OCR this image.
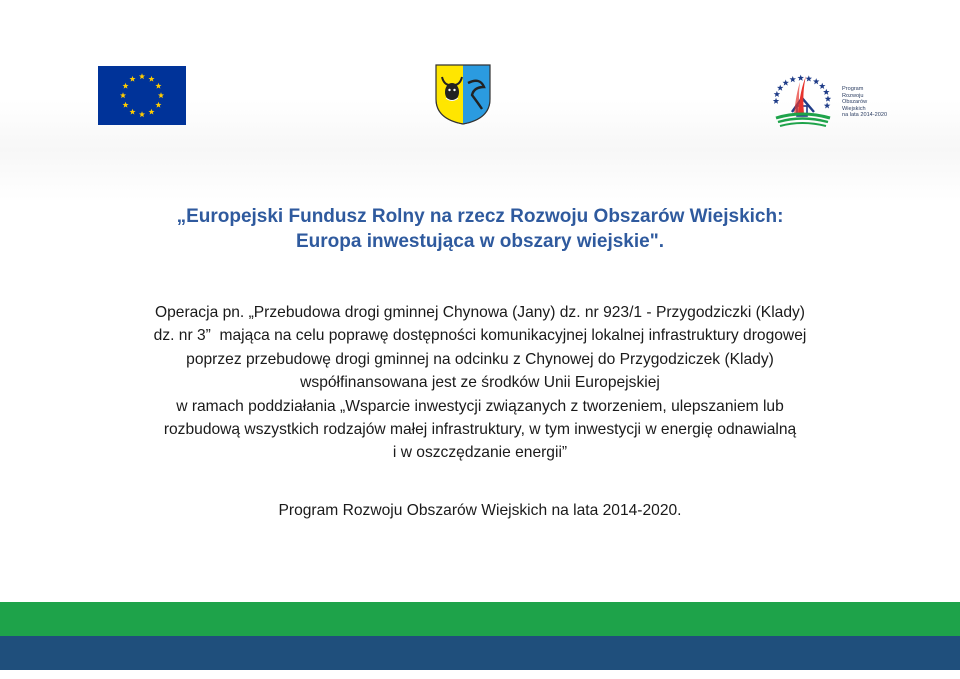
Program
Rozwoju
Obszarów
Wiejskich
na lata 2014-2020
„Europejski Fundusz Rolny na rzecz Rozwoju Obszarów Wiejskich:
Europa inwestująca w obszary wiejskie".
Operacja pn. „Przebudowa drogi gminnej Chynowa (Jany) dz. nr 923/1 - Przygodziczki (Klady)
dz. nr 3”  mająca na celu poprawę dostępności komunikacyjnej lokalnej infrastruktury drogowej
poprzez przebudowę drogi gminnej na odcinku z Chynowej do Przygodziczek (Klady)
współfinansowana jest ze środków Unii Europejskiej
w ramach poddziałania „Wsparcie inwestycji związanych z tworzeniem, ulepszaniem lub
rozbudową wszystkich rodzajów małej infrastruktury, w tym inwestycji w energię odnawialną
i w oszczędzanie energii”
Program Rozwoju Obszarów Wiejskich na lata 2014-2020.
